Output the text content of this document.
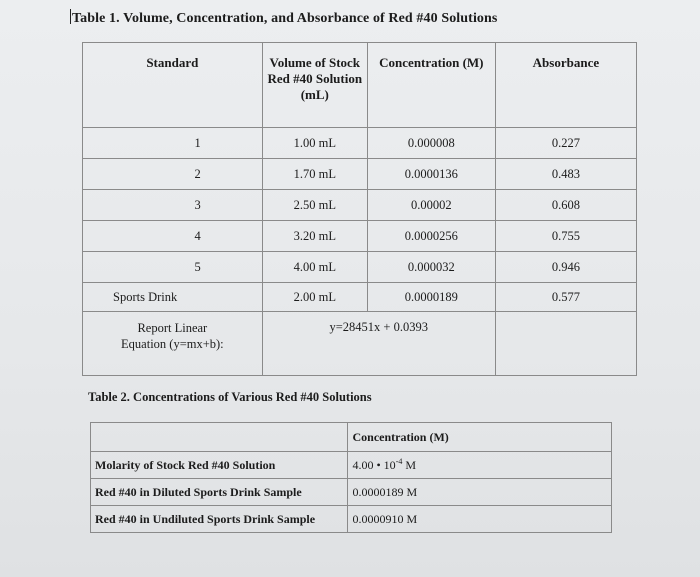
Table 1. Volume, Concentration, and Absorbance of Red #40 Solutions
Standard	Volume of Stock
Red #40 Solution
(mL)	Concentration (M)	Absorbance
1	1.00 mL	0.000008	0.227
2	1.70 mL	0.0000136	0.483
3	2.50 mL	0.00002	0.608
4	3.20 mL	0.0000256	0.755
5	4.00 mL	0.000032	0.946
Sports Drink	2.00 mL	0.0000189	0.577

Report Linear
Equation (y=mx+b):	y=28451x + 0.0393		
Table 2. Concentrations of Various Red #40 Solutions
	Concentration (M)
Molarity of Stock Red #40 Solution	4.00 • $10^{-4}$ M
Red #40 in Diluted Sports Drink Sample	0.0000189 M
Red #40 in Undiluted Sports Drink Sample	0.0000910 M
